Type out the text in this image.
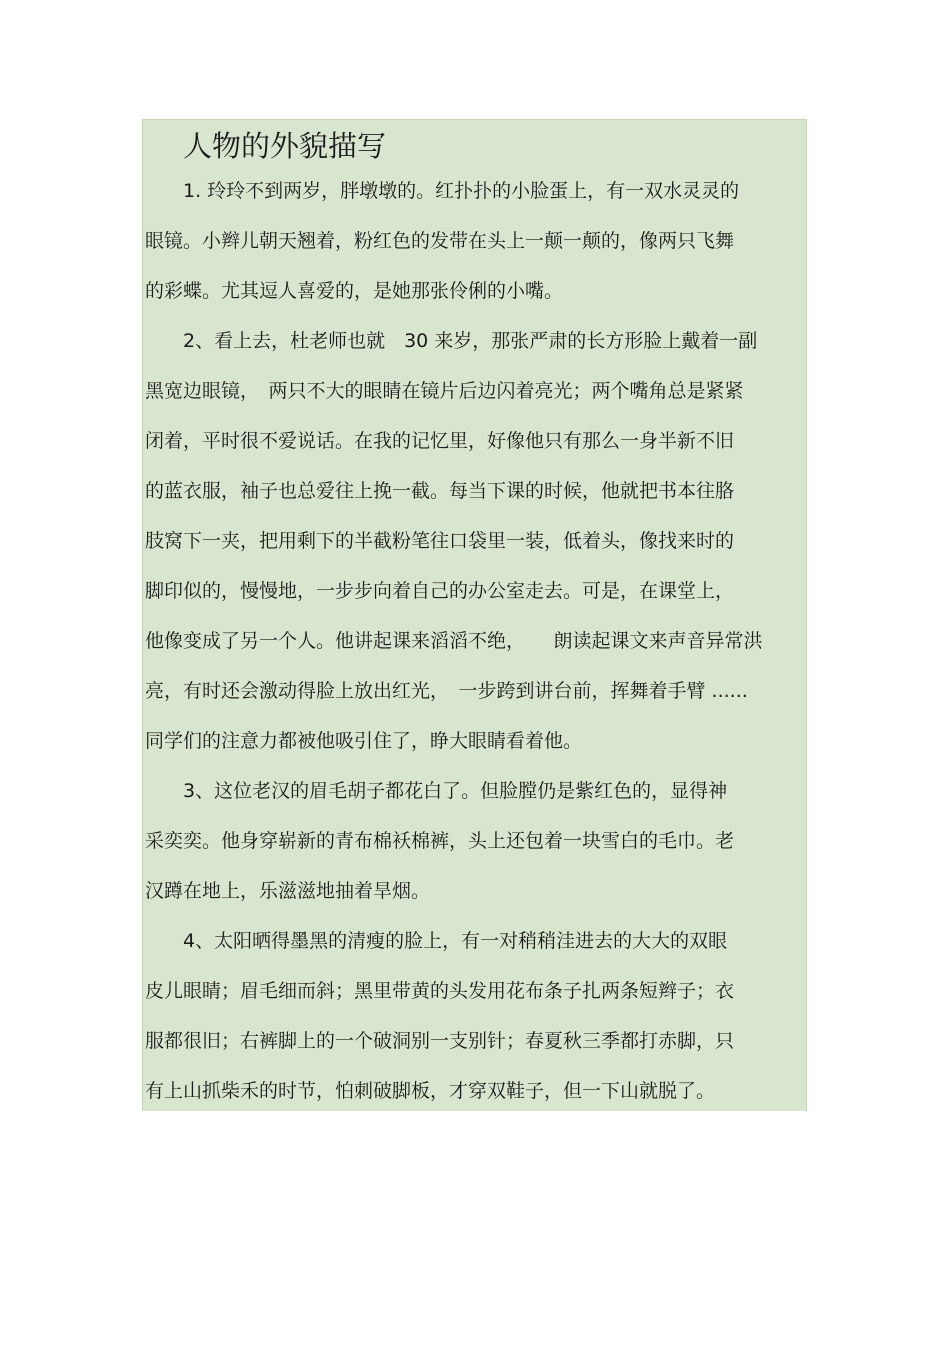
人物的外貌描写
1. 玲玲不到两岁，胖墩墩的。红扑扑的小脸蛋上，有一双水灵灵的
眼镜。小辫儿朝天翘着，粉红色的发带在头上一颠一颠的，像两只飞舞
的彩蝶。尤其逗人喜爱的，是她那张伶俐的小嘴。
2、看上去，杜老师也就　30 来岁，那张严肃的长方形脸上戴着一副
黑宽边眼镜，　两只不大的眼睛在镜片后边闪着亮光；两个嘴角总是紧紧
闭着，平时很不爱说话。在我的记忆里，好像他只有那么一身半新不旧
的蓝衣服，袖子也总爱往上挽一截。每当下课的时候，他就把书本往胳
肢窝下一夹，把用剩下的半截粉笔往口袋里一装，低着头，像找来时的
脚印似的，慢慢地，一步步向着自己的办公室走去。可是，在课堂上，
他像变成了另一个人。他讲起课来滔滔不绝，　　朗读起课文来声音异常洪
亮，有时还会激动得脸上放出红光，　一步跨到讲台前，挥舞着手臂 ......
同学们的注意力都被他吸引住了，睁大眼睛看着他。
3、这位老汉的眉毛胡子都花白了。但脸膛仍是紫红色的，显得神
采奕奕。他身穿崭新的青布棉袄棉裤，头上还包着一块雪白的毛巾。老
汉蹲在地上，乐滋滋地抽着旱烟。
4、太阳晒得墨黑的清瘦的脸上，有一对稍稍洼进去的大大的双眼
皮儿眼睛；眉毛细而斜；黑里带黄的头发用花布条子扎两条短辫子；衣
服都很旧；右裤脚上的一个破洞别一支别针；春夏秋三季都打赤脚，只
有上山抓柴禾的时节，怕刺破脚板，才穿双鞋子，但一下山就脱了。
